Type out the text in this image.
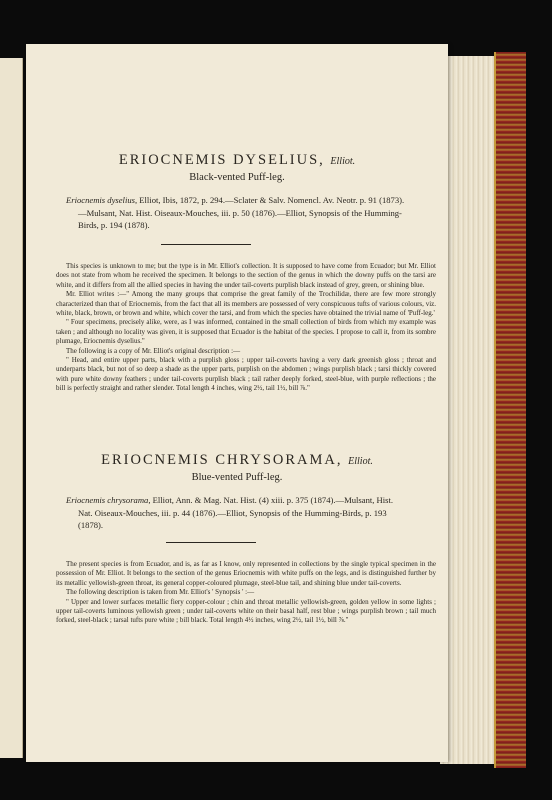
ERIOCNEMIS DYSELIUS, Elliot.
Black-vented Puff-leg.
Eriocnemis dyselius, Elliot, Ibis, 1872, p. 294.—Sclater & Salv. Nomencl. Av. Neotr. p. 91 (1873).—Mulsant, Nat. Hist. Oiseaux-Mouches, iii. p. 50 (1876).—Elliot, Synopsis of the Humming-Birds, p. 194 (1878).

This species is unknown to me; but the type is in Mr. Elliot's collection. It is supposed to have come from Ecuador; but Mr. Elliot does not state from whom he received the specimen. It belongs to the section of the genus in which the downy puffs on the tarsi are white, and it differs from all the allied species in having the under tail-coverts purplish black instead of grey, green, or shining blue.

Mr. Elliot writes :—" Among the many groups that comprise the great family of the Trochilidæ, there are few more strongly characterized than that of Eriocnemis, from the fact that all its members are possessed of very conspicuous tufts of various colours, viz. white, black, brown, or brown and white, which cover the tarsi, and from which the species have obtained the trivial name of 'Puff-leg.'

" Four specimens, precisely alike, were, as I was informed, contained in the small collection of birds from which my example was taken ; and although no locality was given, it is supposed that Ecuador is the habitat of the species. I propose to call it, from its sombre plumage, Eriocnemis dyselius."

The following is a copy of Mr. Elliot's original description :—

" Head, and entire upper parts, black with a purplish gloss ; upper tail-coverts having a very dark greenish gloss ; throat and underparts black, but not of so deep a shade as the upper parts, purplish on the abdomen ; wings purplish black ; tarsi thickly covered with pure white downy feathers ; under tail-coverts purplish black ; tail rather deeply forked, steel-blue, with purple reflections ; the bill is perfectly straight and rather slender. Total length 4 inches, wing 2½, tail 1½, bill ⅞."

ERIOCNEMIS CHRYSORAMA, Elliot.
Blue-vented Puff-leg.
Eriocnemis chrysorama, Elliot, Ann. & Mag. Nat. Hist. (4) xiii. p. 375 (1874).—Mulsant, Hist. Nat. Oiseaux-Mouches, iii. p. 44 (1876).—Elliot, Synopsis of the Humming-Birds, p. 193 (1878).

The present species is from Ecuador, and is, as far as I know, only represented in collections by the single typical specimen in the possession of Mr. Elliot. It belongs to the section of the genus Eriocnemis with white puffs on the legs, and is distinguished further by its metallic yellowish-green throat, its general copper-coloured plumage, steel-blue tail, and shining blue under tail-coverts.

The following description is taken from Mr. Elliot's ' Synopsis ' :—

" Upper and lower surfaces metallic fiery copper-colour ; chin and throat metallic yellowish-green, golden yellow in some lights ; upper tail-coverts luminous yellowish green ; under tail-coverts white on their basal half, rest blue ; wings purplish brown ; tail much forked, steel-black ; tarsal tufts pure white ; bill black. Total length 4½ inches, wing 2½, tail 1½, bill ⅞."
